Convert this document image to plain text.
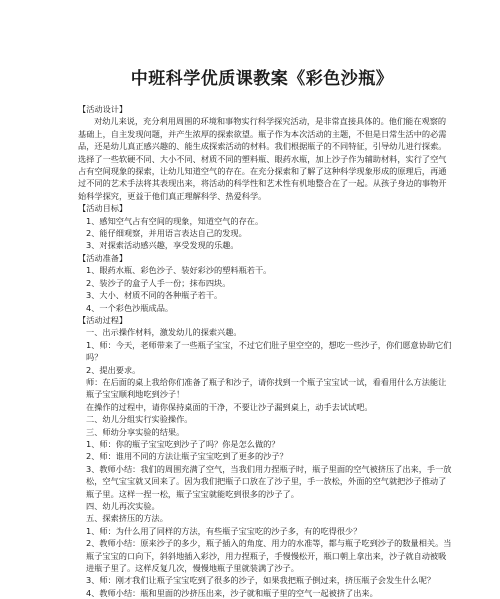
中班科学优质课教案《彩色沙瓶》

【活动设计】

对幼儿来说，充分利用周围的环境和事物实行科学探究活动，是非常直接具体的。他们能在观察的基础上，自主发现问题，并产生浓厚的探索欲望。瓶子作为本次活动的主题，不但是日常生活中的必需品，还是幼儿真正感兴趣的、能生成探索活动的材料。我们根据瓶子的不同特征，引导幼儿进行探索。选择了一些软硬不同、大小不同、材质不同的塑料瓶、眼药水瓶，加上沙子作为辅助材料，实行了空气占有空间现象的探索，让幼儿知道空气的存在。在充分探索和了解了这种科学现象形成的原理后，再通过不同的艺术手法将其表现出来，将活动的科学性和艺术性有机地整合在了一起。从孩子身边的事物开始科学探究，更益于他们真正理解科学、热爱科学。

【活动目标】

1、感知空气占有空间的现象，知道空气的存在。

2、能仔细观察，并用语言表达自己的发现。

3、对探索活动感兴趣，享受发现的乐趣。

【活动准备】

1、眼药水瓶、彩色沙子、装好彩沙的塑料瓶若干。

2、装沙子的盒子人手一份；抹布四块。

3、大小、材质不同的各种瓶子若干。

4、一个彩色沙瓶成品。

【活动过程】

一、出示操作材料，激发幼儿的探索兴趣。

1、师：今天，老师带来了一些瓶子宝宝，不过它们肚子里空空的，想吃一些沙子，你们愿意协助它们吗？

2、提出要求。

师：在后面的桌上我给你们准备了瓶子和沙子，请你找到一个瓶子宝宝试一试，看看用什么方法能让瓶子宝宝顺利地吃到沙子！

在操作的过程中，请你保持桌面的干净，不要让沙子漏到桌上，动手去试试吧。

二、幼儿分组实行实验操作。

三、师幼分享实验的结果。

1、师：你的瓶子宝宝吃到沙子了吗？你是怎么做的？

2、师：谁用不同的方法让瓶子宝宝吃到了更多的沙子？

3、教师小结：我们的周围充满了空气，当我们用力捏瓶子时，瓶子里面的空气被挤压了出来，手一放松，空气宝宝就又回来了。因为我们把瓶子口放在了沙子里，手一放松，外面的空气就把沙子推动了瓶子里。这样一捏一松，瓶子宝宝就能吃到很多的沙子了。

四、幼儿再次实验。

五、探索挤压的方法。

1、师：为什么用了同样的方法，有些瓶子宝宝吃的沙子多，有的吃得很少？

2、教师小结：原来沙子的多少，瓶子插入的角度、用力的水准等，都与瓶子吃到沙子的数量相关。当瓶子宝宝的口向下，斜斜地插入彩沙，用力捏瓶子，手慢慢松开，瓶口朝上拿出来，沙子就自动被吸进瓶子里了。这样反复几次，慢慢地瓶子里就装满了沙子。

3、师：刚才我们让瓶子宝宝吃到了很多的沙子，如果我把瓶子倒过来，挤压瓶子会发生什么呢？

4、教师小结：瓶和里面的沙挤压出来，沙子就和瓶子里的空气一起被挤了出来。
